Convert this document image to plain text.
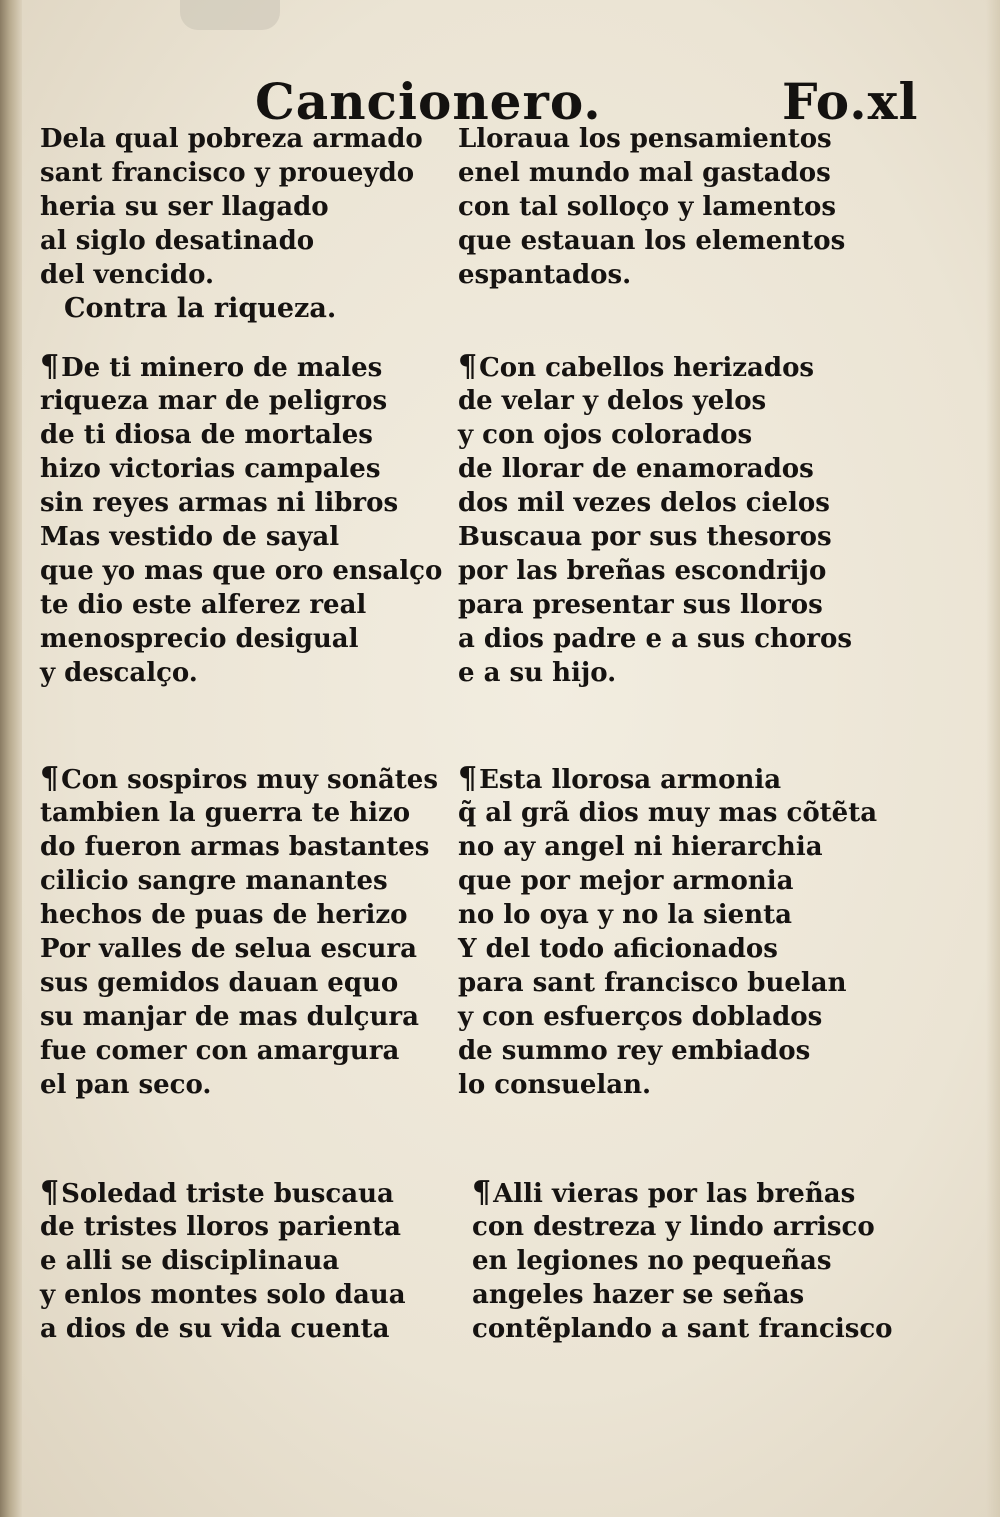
Cancionero.	Fo.xl
Dela qual pobreza armado
sant francisco y proueydo
heria su ser llagado
al siglo desatinado
del vencido.
Contra la riqueza.
¶De ti minero de males
riqueza mar de peligros
de ti diosa de mortales
hizo victorias campales
sin reyes armas ni libros
Mas vestido de sayal
que yo mas que oro ensalço
te dio este alferez real
menosprecio desigual
y descalço.
¶Con sospiros muy sonãtes
tambien la guerra te hizo
do fueron armas bastantes
cilicio sangre manantes
hechos de puas de herizo
Por valles de selua escura
sus gemidos dauan equo
su manjar de mas dulçura
fue comer con amargura
el pan seco.
¶Soledad triste buscaua
de tristes lloros parienta
e alli se disciplinaua
y enlos montes solo daua
a dios de su vida cuenta
Lloraua los pensamientos
enel mundo mal gastados
con tal solloço y lamentos
que estauan los elementos
espantados.
¶Con cabellos herizados
de velar y delos yelos
y con ojos colorados
de llorar de enamorados
dos mil vezes delos cielos
Buscaua por sus thesoros
por las breñas escondrijo
para presentar sus lloros
a dios padre e a sus choros
e a su hijo.
¶Esta llorosa armonia
q̃ al grã dios muy mas cõtẽta
no ay angel ni hierarchia
que por mejor armonia
no lo oya y no la sienta
Y del todo aficionados
para sant francisco buelan
y con esfuerços doblados
de summo rey embiados
lo consuelan.
¶Alli vieras por las breñas
con destreza y lindo arrisco
en legiones no pequeñas
angeles hazer se señas
contẽplando a sant francisco
